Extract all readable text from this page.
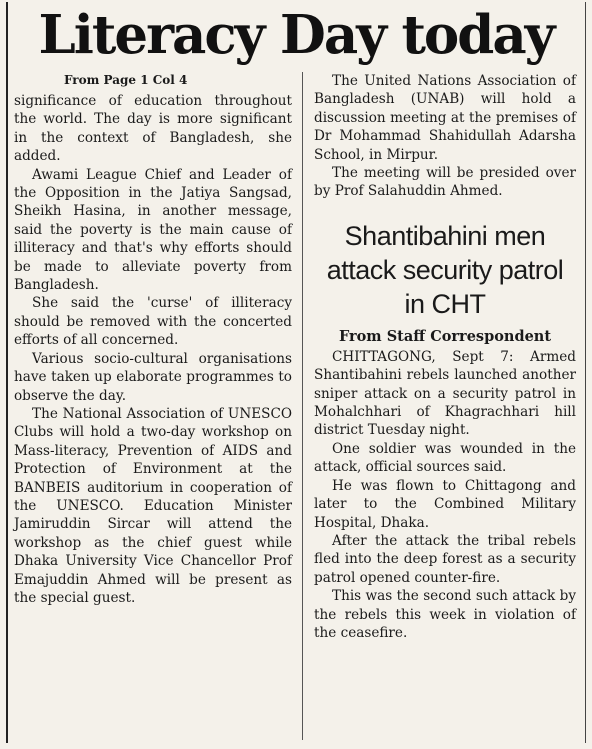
Literacy Day today
From Page 1 Col 4

significance of education throughout the world. The day is more significant in the context of Bangladesh, she added.

Awami League Chief and Leader of the Opposition in the Jatiya Sangsad, Sheikh Hasina, in another message, said the poverty is the main cause of illiteracy and that's why efforts should be made to alleviate poverty from Bangladesh.

She said the 'curse' of illiteracy should be removed with the concerted efforts of all concerned.

Various socio-cultural organisations have taken up elaborate programmes to observe the day.

The National Association of UNESCO Clubs will hold a two-day workshop on Mass-literacy, Prevention of AIDS and Protection of Environment at the BANBEIS auditorium in cooperation of the UNESCO. Education Minister Jamiruddin Sircar will attend the workshop as the chief guest while Dhaka University Vice Chancellor Prof Emajuddin Ahmed will be present as the special guest.

The United Nations Association of Bangladesh (UNAB) will hold a discussion meeting at the premises of Dr Mohammad Shahidullah Adarsha School, in Mirpur.

The meeting will be presided over by Prof Salahuddin Ahmed.

Shantibahini men attack security patrol in CHT
From Staff Correspondent

CHITTAGONG, Sept 7: Armed Shantibahini rebels launched another sniper attack on a security patrol in Mohalchhari of Khagrachhari hill district Tuesday night.

One soldier was wounded in the attack, official sources said.

He was flown to Chittagong and later to the Combined Military Hospital, Dhaka.

After the attack the tribal rebels fled into the deep forest as a security patrol opened counter-fire.

This was the second such attack by the rebels this week in violation of the ceasefire.
